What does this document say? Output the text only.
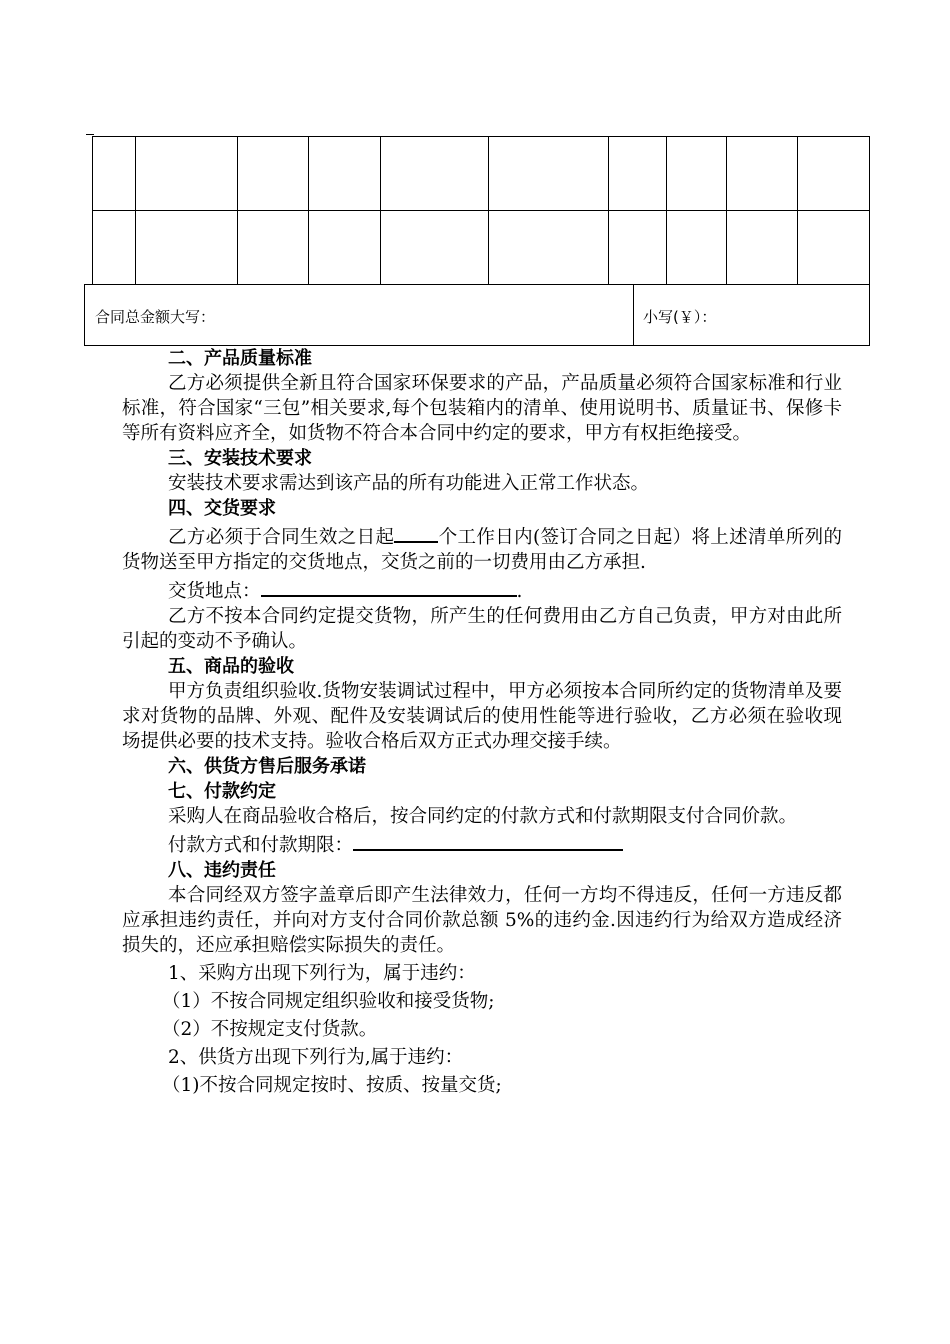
合同总金额大写：	小写(￥）：

二、产品质量标准

乙方必须提供全新且符合国家环保要求的产品，产品质量必须符合国家标准和行业标准，符合国家“三包”相关要求,每个包装箱内的清单、使用说明书、质量证书、保修卡等所有资料应齐全，如货物不符合本合同中约定的要求，甲方有权拒绝接受。

三、安装技术要求

安装技术要求需达到该产品的所有功能进入正常工作状态。

四、交货要求

乙方必须于合同生效之日起 个工作日内(签订合同之日起）将上述清单所列的货物送至甲方指定的交货地点，交货之前的一切费用由乙方承担.

交货地点：	.

乙方不按本合同约定提交货物，所产生的任何费用由乙方自己负责，甲方对由此所引起的变动不予确认。

五、商品的验收

甲方负责组织验收.货物安装调试过程中，甲方必须按本合同所约定的货物清单及要求对货物的品牌、外观、配件及安装调试后的使用性能等进行验收，乙方必须在验收现场提供必要的技术支持。验收合格后双方正式办理交接手续。

六、供货方售后服务承诺

七、付款约定

采购人在商品验收合格后，按合同约定的付款方式和付款期限支付合同价款。

付款方式和付款期限：

八、违约责任

本合同经双方签字盖章后即产生法律效力，任何一方均不得违反，任何一方违反都应承担违约责任，并向对方支付合同价款总额 5%的违约金.因违约行为给双方造成经济损失的，还应承担赔偿实际损失的责任。

1、采购方出现下列行为，属于违约：

（1）不按合同规定组织验收和接受货物;

（2）不按规定支付货款。

2、供货方出现下列行为,属于违约：

（1)不按合同规定按时、按质、按量交货;
